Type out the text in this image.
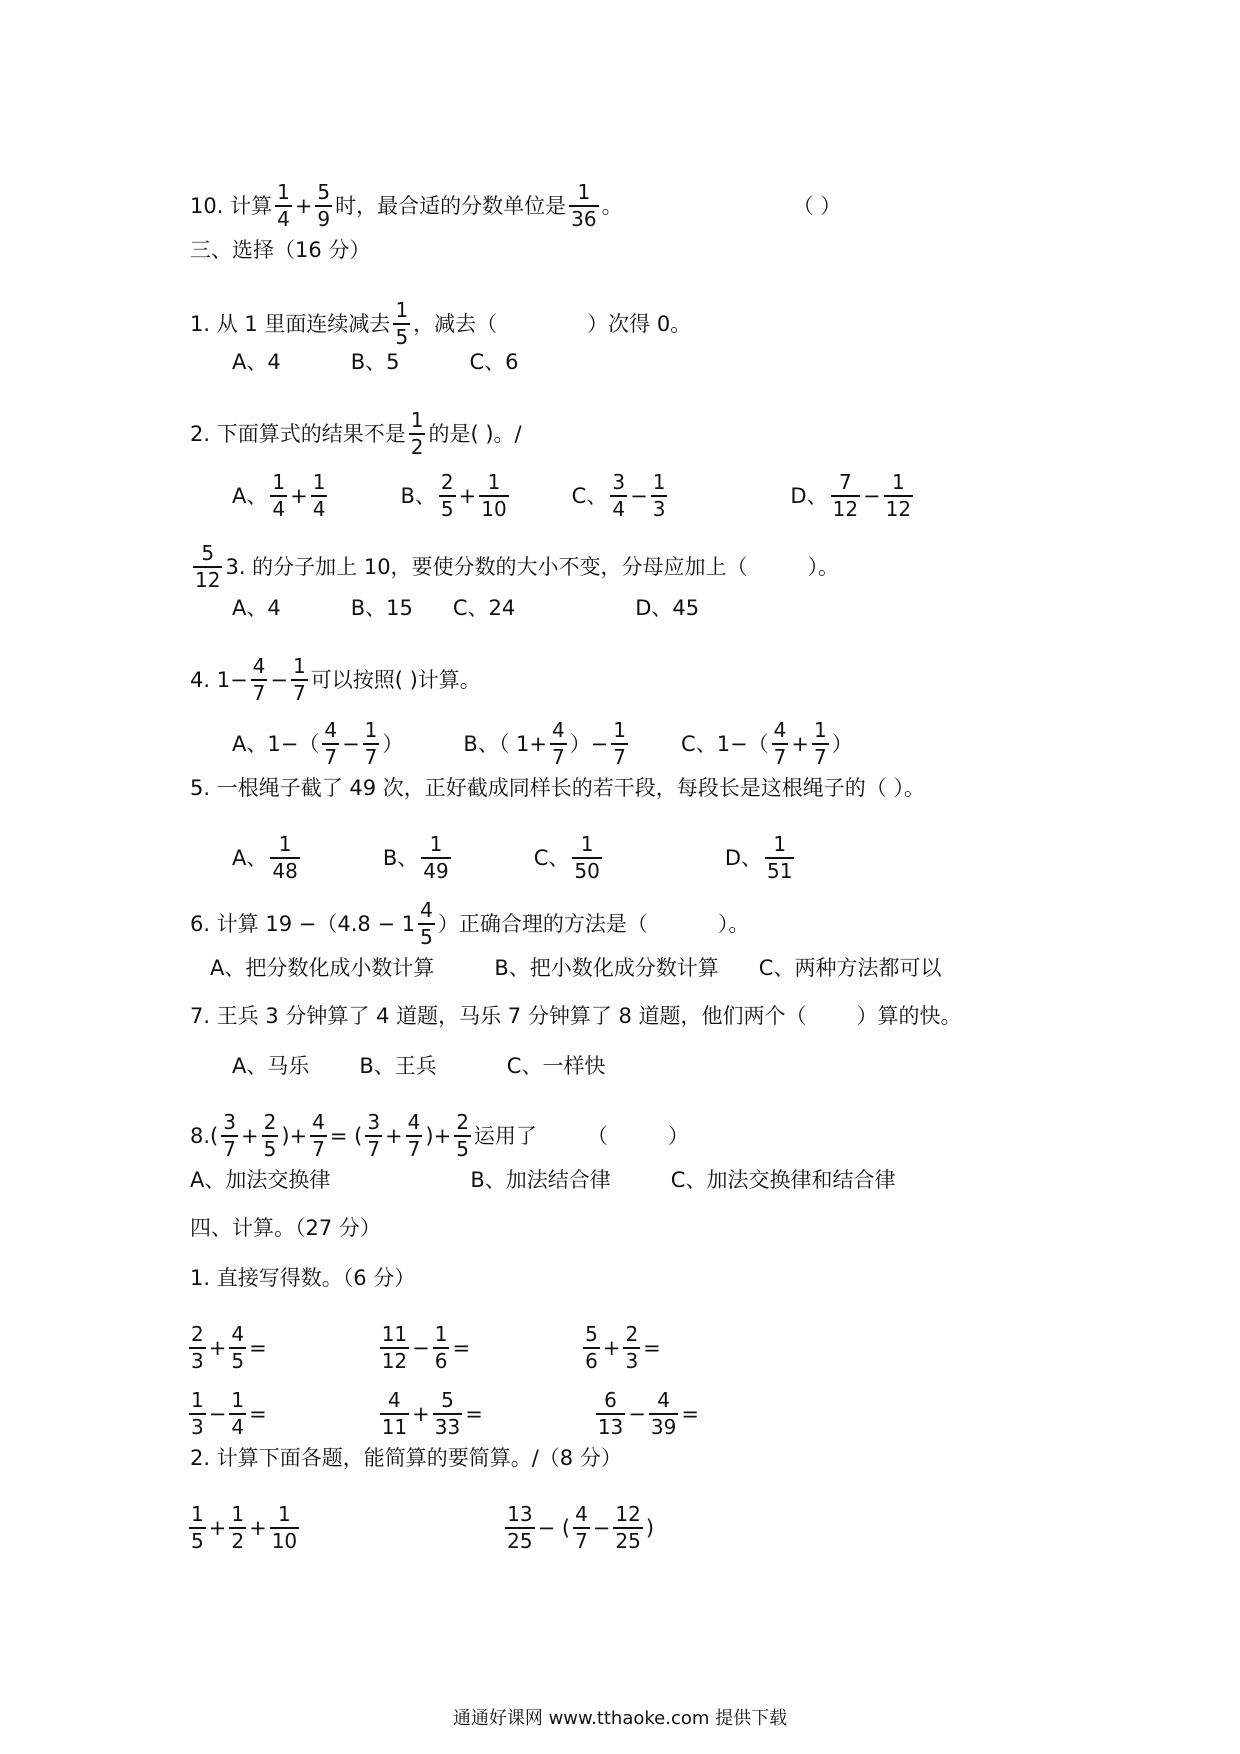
10. 计算 $\frac{1}{4} + \frac{5}{9}$ 时，最合适的分数单位是 $\frac{1}{36}$ 。	（ ）
三、选择（16 分）
1. 从 1 里面连续减去 $\frac{1}{5}$ ，减去（	）次得 0。
A、4	B、5	C、6
2. 下面算式的结果不是 $\frac{1}{2}$ 的是( )。/
A、 $\frac{1}{4} + \frac{1}{4}$	B、 $\frac{2}{5} + \frac{1}{10}$	C、 $\frac{3}{4} - \frac{1}{3}$	D、 $\frac{7}{12} - \frac{1}{12}$
$\frac{5}{12} 3$. 的分子加上 10，要使分数的大小不变，分母应加上（	）。
A、4	B、15 C、24	D、45
4. $1- \frac{4}{7} - \frac{1}{7}$ 可以按照( )计算。
A、$1-( \frac{4}{7} - \frac{1}{7}$ ）	B、（ $1+ \frac{4}{7}$ ）− $\frac{1}{7}$	C、$1-( \frac{4}{7} + \frac{1}{7}$ ）
5. 一根绳子截了 49 次，正好截成同样长的若干段，每段长是这根绳子的（ ）。
A、 $\frac{1}{48}$	B、 $\frac{1}{49}$	C、 $\frac{1}{50}$	D、 $\frac{1}{51}$
6. 计算 $19 -(4.8 - 1 \frac{4}{5}$ ）正确合理的方法是（	）。
A、把分数化成小数计算	B、把小数化成分数计算 C、两种方法都可以
7. 王兵 3 分钟算了 4 道题，马乐 7 分钟算了 8 道题，他们两个（ ）算的快。
A、马乐 B、王兵	C、一样快
$8.( \frac{3}{7} + \frac{2}{5}$ )+ $\frac{4}{7}$ = ( $\frac{3}{7} + \frac{4}{7}$ )+ $\frac{2}{5}$ 运用了 （	）
A、加法交换律	B、加法结合律	C、加法交换律和结合律
四、计算。（27 分）
1. 直接写得数。（6 分）
$\frac{2}{3} + \frac{4}{5}$ =	$\frac{11}{12} - \frac{1}{6}$ =	$\frac{5}{6} + \frac{2}{3}$ =
$\frac{1}{3} - \frac{1}{4}$ =	$\frac{4}{11} + \frac{5}{33}$ =	$\frac{6}{13} - \frac{4}{39}$ =
2. 计算下面各题，能简算的要简算。/（8 分）
$\frac{1}{5} + \frac{1}{2} + \frac{1}{10}$	$\frac{13}{25}$ − ( $\frac{4}{7} - \frac{12}{25}$ )
通通好课网 www.tthaoke.com 提供下载
